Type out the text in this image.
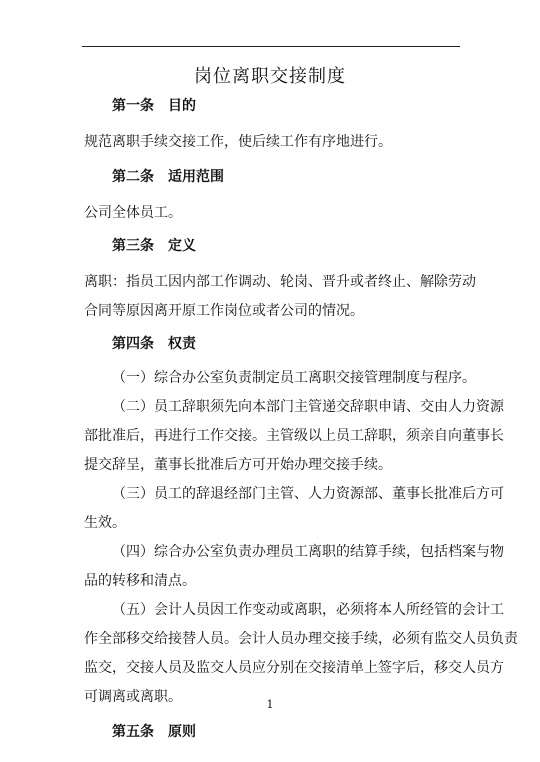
岗位离职交接制度
第一条　目的
规范离职手续交接工作，使后续工作有序地进行。
第二条　适用范围
公司全体员工。
第三条　定义
离职：指员工因内部工作调动、轮岗、晋升或者终止、解除劳动
合同等原因离开原工作岗位或者公司的情况。
第四条　权责
（一）综合办公室负责制定员工离职交接管理制度与程序。
（二）员工辞职须先向本部门主管递交辞职申请、交由人力资源
部批准后，再进行工作交接。主管级以上员工辞职，须亲自向董事长
提交辞呈，董事长批准后方可开始办理交接手续。
（三）员工的辞退经部门主管、人力资源部、董事长批准后方可
生效。
（四）综合办公室负责办理员工离职的结算手续，包括档案与物
品的转移和清点。
（五）会计人员因工作变动或离职，必须将本人所经管的会计工
作全部移交给接替人员。会计人员办理交接手续，必须有监交人员负责
监交，交接人员及监交人员应分别在交接清单上签字后，移交人员方
可调离或离职。
第五条　原则
1
